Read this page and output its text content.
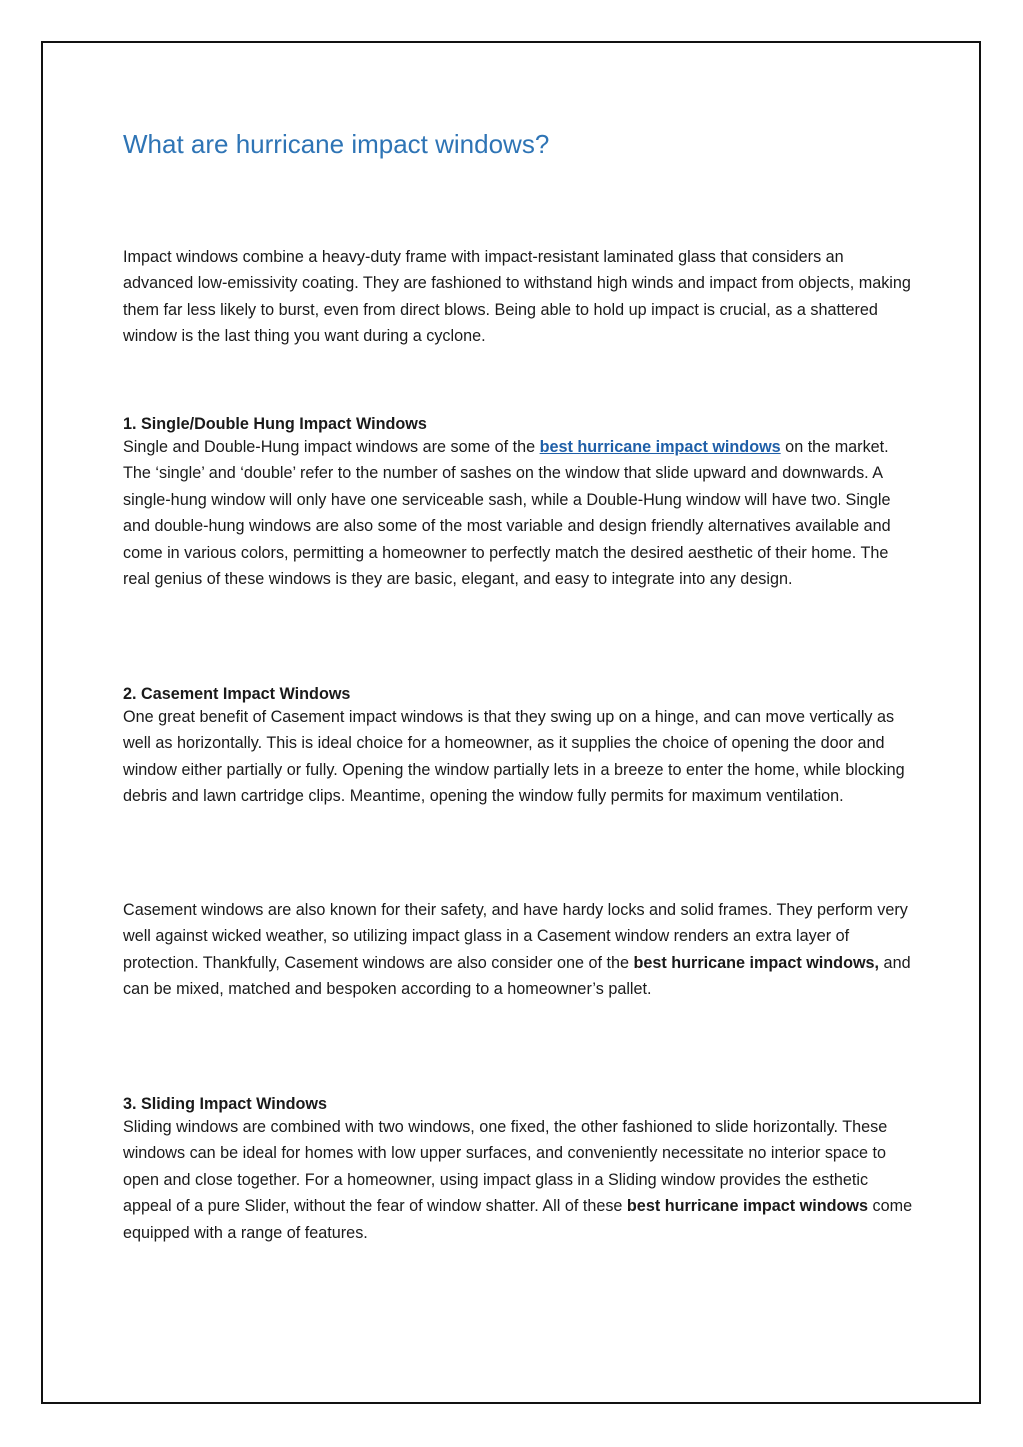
What are hurricane impact windows?

Impact windows combine a heavy-duty frame with impact-resistant laminated glass that considers an advanced low-emissivity coating. They are fashioned to withstand high winds and impact from objects, making them far less likely to burst, even from direct blows. Being able to hold up impact is crucial, as a shattered window is the last thing you want during a cyclone.

1. Single/Double Hung Impact Windows

Single and Double-Hung impact windows are some of the best hurricane impact windows on the market. The ‘single’ and ‘double’ refer to the number of sashes on the window that slide upward and downwards. A single-hung window will only have one serviceable sash, while a Double-Hung window will have two. Single and double-hung windows are also some of the most variable and design friendly alternatives available and come in various colors, permitting a homeowner to perfectly match the desired aesthetic of their home. The real genius of these windows is they are basic, elegant, and easy to integrate into any design.

2. Casement Impact Windows

One great benefit of Casement impact windows is that they swing up on a hinge, and can move vertically as well as horizontally. This is ideal choice for a homeowner, as it supplies the choice of opening the door and window either partially or fully. Opening the window partially lets in a breeze to enter the home, while blocking debris and lawn cartridge clips. Meantime, opening the window fully permits for maximum ventilation.

Casement windows are also known for their safety, and have hardy locks and solid frames. They perform very well against wicked weather, so utilizing impact glass in a Casement window renders an extra layer of protection. Thankfully, Casement windows are also consider one of the best hurricane impact windows, and can be mixed, matched and bespoken according to a homeowner’s pallet.

3. Sliding Impact Windows

Sliding windows are combined with two windows, one fixed, the other fashioned to slide horizontally. These windows can be ideal for homes with low upper surfaces, and conveniently necessitate no interior space to open and close together. For a homeowner, using impact glass in a Sliding window provides the esthetic appeal of a pure Slider, without the fear of window shatter. All of these best hurricane impact windows come equipped with a range of features.
